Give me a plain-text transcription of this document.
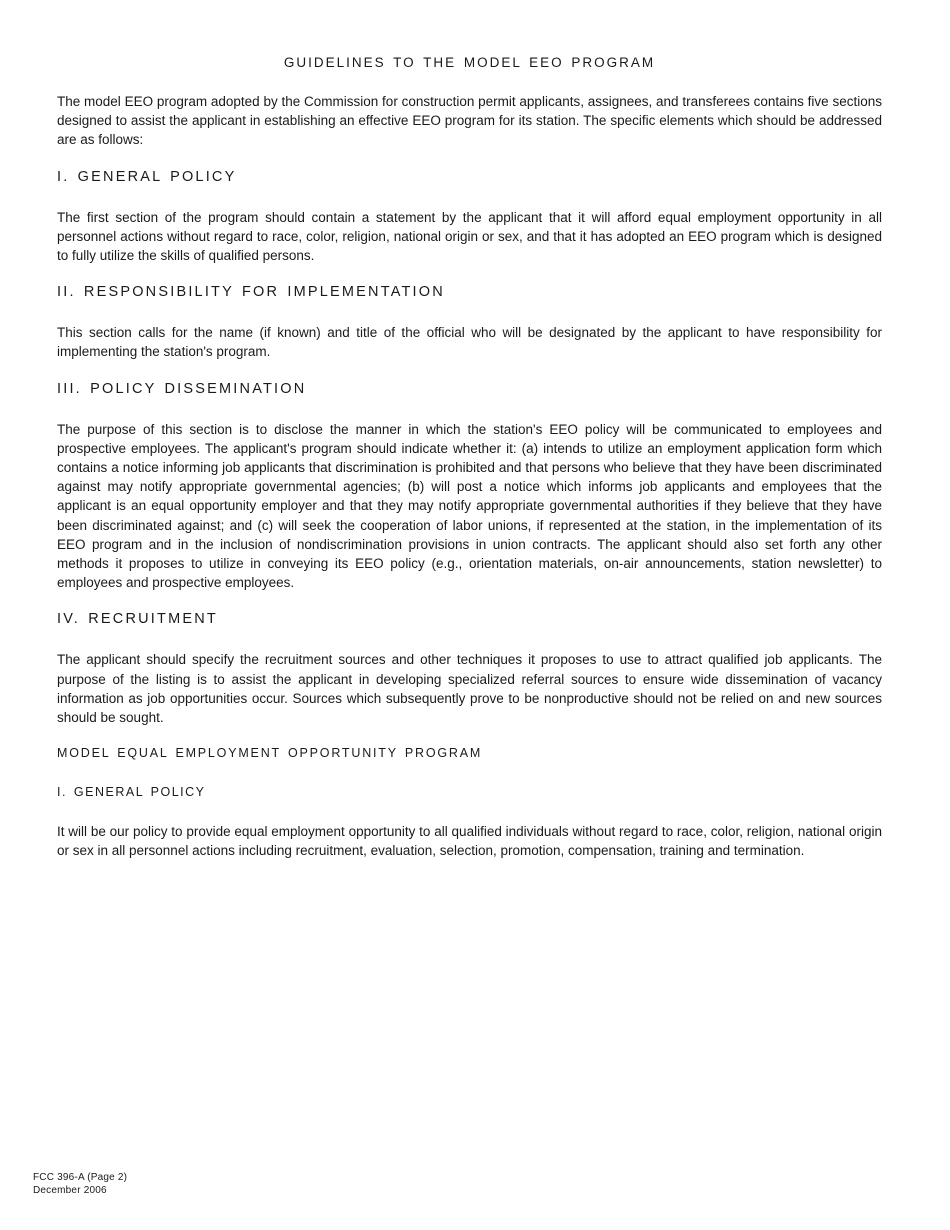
GUIDELINES TO THE MODEL EEO PROGRAM

The model EEO program adopted by the Commission for construction permit applicants, assignees, and transferees contains five sections designed to assist the applicant in establishing an effective EEO program for its station. The specific elements which should be addressed are as follows:

I. GENERAL POLICY

The first section of the program should contain a statement by the applicant that it will afford equal employment opportunity in all personnel actions without regard to race, color, religion, national origin or sex, and that it has adopted an EEO program which is designed to fully utilize the skills of qualified persons.

II. RESPONSIBILITY FOR IMPLEMENTATION

This section calls for the name (if known) and title of the official who will be designated by the applicant to have responsibility for implementing the station's program.

III. POLICY DISSEMINATION

The purpose of this section is to disclose the manner in which the station's EEO policy will be communicated to employees and prospective employees. The applicant's program should indicate whether it: (a) intends to utilize an employment application form which contains a notice informing job applicants that discrimination is prohibited and that persons who believe that they have been discriminated against may notify appropriate governmental agencies; (b) will post a notice which informs job applicants and employees that the applicant is an equal opportunity employer and that they may notify appropriate governmental authorities if they believe that they have been discriminated against; and (c) will seek the cooperation of labor unions, if represented at the station, in the implementation of its EEO program and in the inclusion of nondiscrimination provisions in union contracts. The applicant should also set forth any other methods it proposes to utilize in conveying its EEO policy (e.g., orientation materials, on-air announcements, station newsletter) to employees and prospective employees.

IV. RECRUITMENT

The applicant should specify the recruitment sources and other techniques it proposes to use to attract qualified job applicants. The purpose of the listing is to assist the applicant in developing specialized referral sources to ensure wide dissemination of vacancy information as job opportunities occur. Sources which subsequently prove to be nonproductive should not be relied on and new sources should be sought.

MODEL EQUAL EMPLOYMENT OPPORTUNITY PROGRAM
I. GENERAL POLICY

It will be our policy to provide equal employment opportunity to all qualified individuals without regard to race, color, religion, national origin or sex in all personnel actions including recruitment, evaluation, selection, promotion, compensation, training and termination.

FCC 396-A (Page 2)
December 2006
